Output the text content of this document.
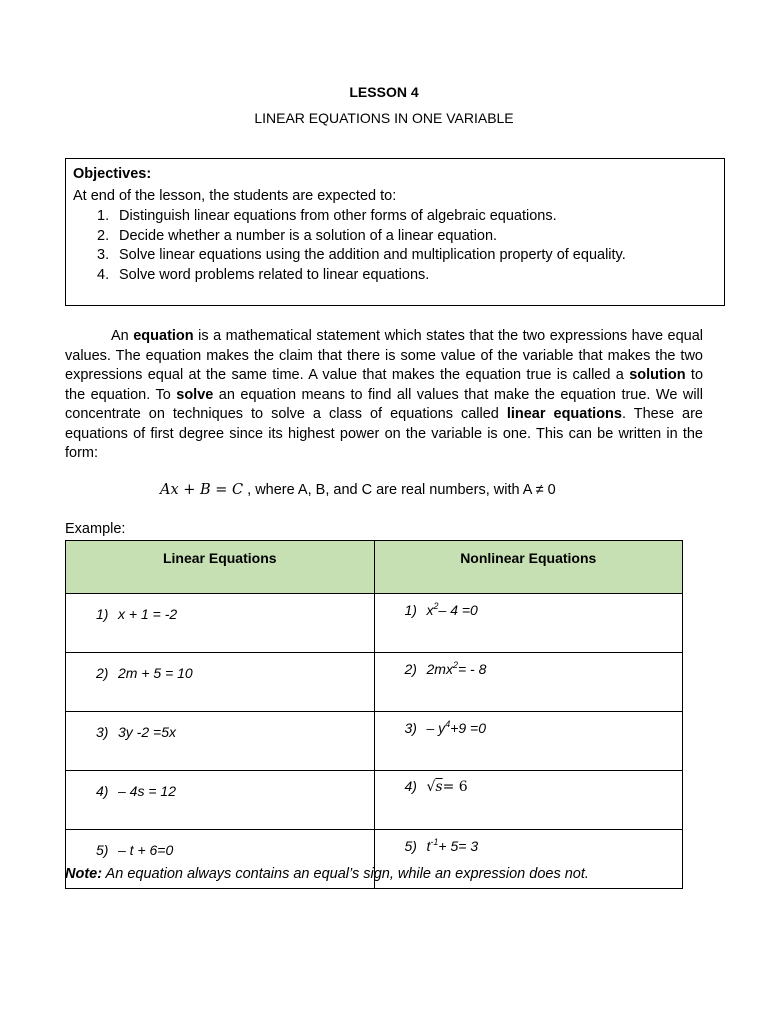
LESSON 4
LINEAR EQUATIONS IN ONE VARIABLE
Objectives:
At end of the lesson, the students are expected to:
1. Distinguish linear equations from other forms of algebraic equations.
2. Decide whether a number is a solution of a linear equation.
3. Solve linear equations using the addition and multiplication property of equality.
4. Solve word problems related to linear equations.
An equation is a mathematical statement which states that the two expressions have equal values. The equation makes the claim that there is some value of the variable that makes the two expressions equal at the same time. A value that makes the equation true is called a solution to the equation. To solve an equation means to find all values that make the equation true. We will concentrate on techniques to solve a class of equations called linear equations. These are equations of first degree since its highest power on the variable is one. This can be written in the form:
Ax + B = C , where A, B, and C are real numbers, with A ≠ 0
Example:
Linear Equations	Nonlinear Equations
1) x + 1 = -2	1) $x^2-$ 4 =0
2) 2m + 5 = 10	2) $2mx^2= - 8$
3) 3y -2 =5x	$3) - y^4+9 =0$
4) – 4s = 12	4) √s= 6
5) – t + 6=0	5) $t^{-1}+ 5= 3$
Note: An equation always contains an equal’s sign, while an expression does not.
